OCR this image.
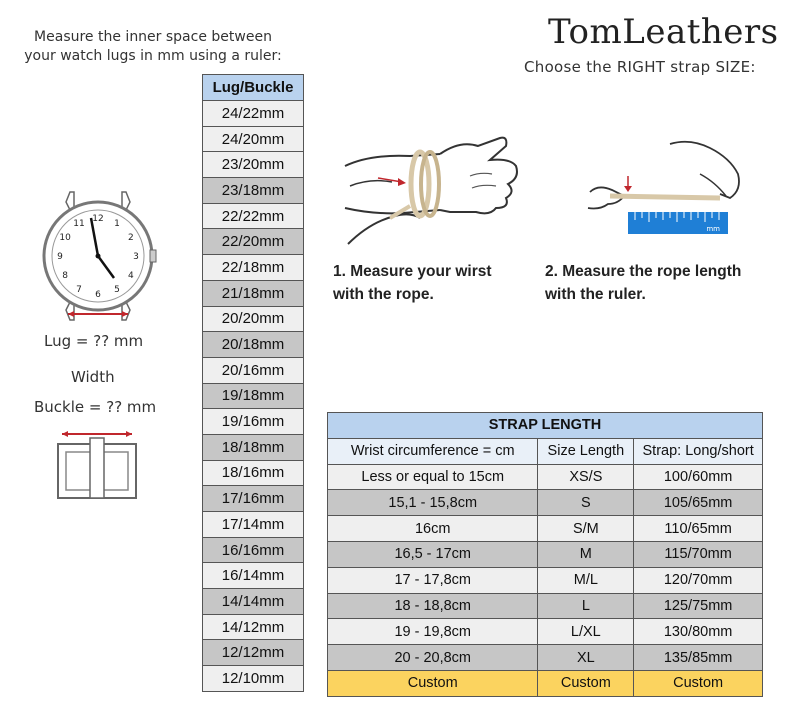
Measure the inner space between
your watch lugs in mm using a ruler:
12
1
2
3
4
5
6
7
8
9
10
11
Lug = ?? mm
Width
Buckle = ?? mm
Lug/Buckle
24/22mm
24/20mm
23/20mm
23/18mm
22/22mm
22/20mm
22/18mm
21/18mm
20/20mm
20/18mm
20/16mm
19/18mm
19/16mm
18/18mm
18/16mm
17/16mm
17/14mm
16/16mm
16/14mm
14/14mm
14/12mm
12/12mm
12/10mm
TomLeathers
Choose the RIGHT strap SIZE:
mm
1. Measure your wirst
with the rope.
2. Measure the rope length
with the ruler.
STRAP LENGTH		
Wrist circumference = cm	Size Length	Strap: Long/short
Less or equal to 15cm	XS/S	100/60mm
15,1 - 15,8cm	S	105/65mm
16cm	S/M	110/65mm
16,5 - 17cm	M	115/70mm
17 - 17,8cm	M/L	120/70mm
18 - 18,8cm	L	125/75mm
19 - 19,8cm	L/XL	130/80mm
20 - 20,8cm	XL	135/85mm
Custom	Custom	Custom
